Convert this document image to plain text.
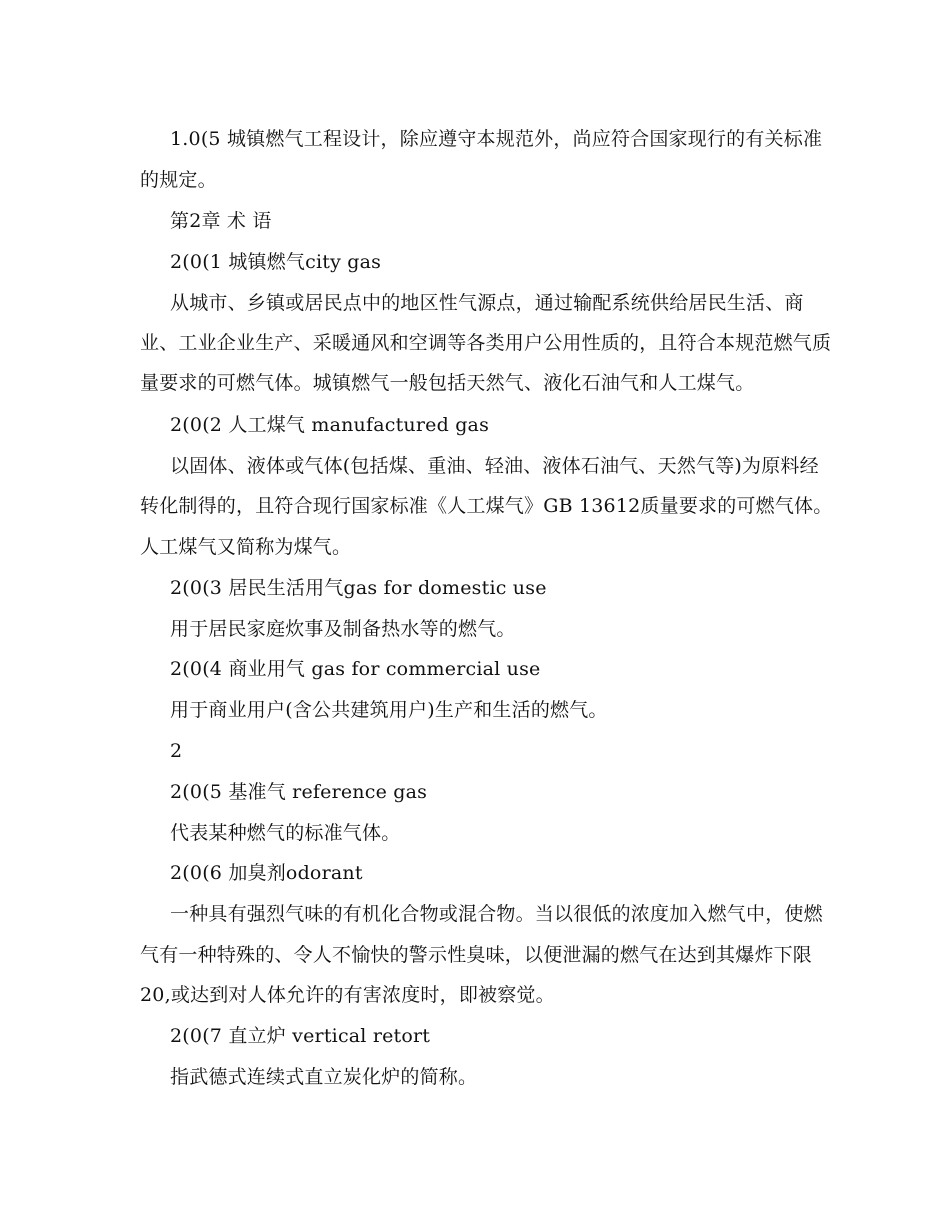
1.0(5 城镇燃气工程设计，除应遵守本规范外，尚应符合国家现行的有关标准
的规定。
第2章 术 语
2(0(1 城镇燃气city gas
从城市、乡镇或居民点中的地区性气源点，通过输配系统供给居民生活、商
业、工业企业生产、采暖通风和空调等各类用户公用性质的，且符合本规范燃气质
量要求的可燃气体。城镇燃气一般包括天然气、液化石油气和人工煤气。
2(0(2 人工煤气 manufactured gas
以固体、液体或气体(包括煤、重油、轻油、液体石油气、天然气等)为原料经
转化制得的，且符合现行国家标准《人工煤气》GB 13612质量要求的可燃气体。
人工煤气又简称为煤气。
2(0(3 居民生活用气gas for domestic use
用于居民家庭炊事及制备热水等的燃气。
2(0(4 商业用气 gas for commercial use
用于商业用户(含公共建筑用户)生产和生活的燃气。
2
2(0(5 基准气 reference gas
代表某种燃气的标准气体。
2(0(6 加臭剂odorant
一种具有强烈气味的有机化合物或混合物。当以很低的浓度加入燃气中，使燃
气有一种特殊的、令人不愉快的警示性臭味，以便泄漏的燃气在达到其爆炸下限
20,或达到对人体允许的有害浓度时，即被察觉。
2(0(7 直立炉 vertical retort
指武德式连续式直立炭化炉的简称。
